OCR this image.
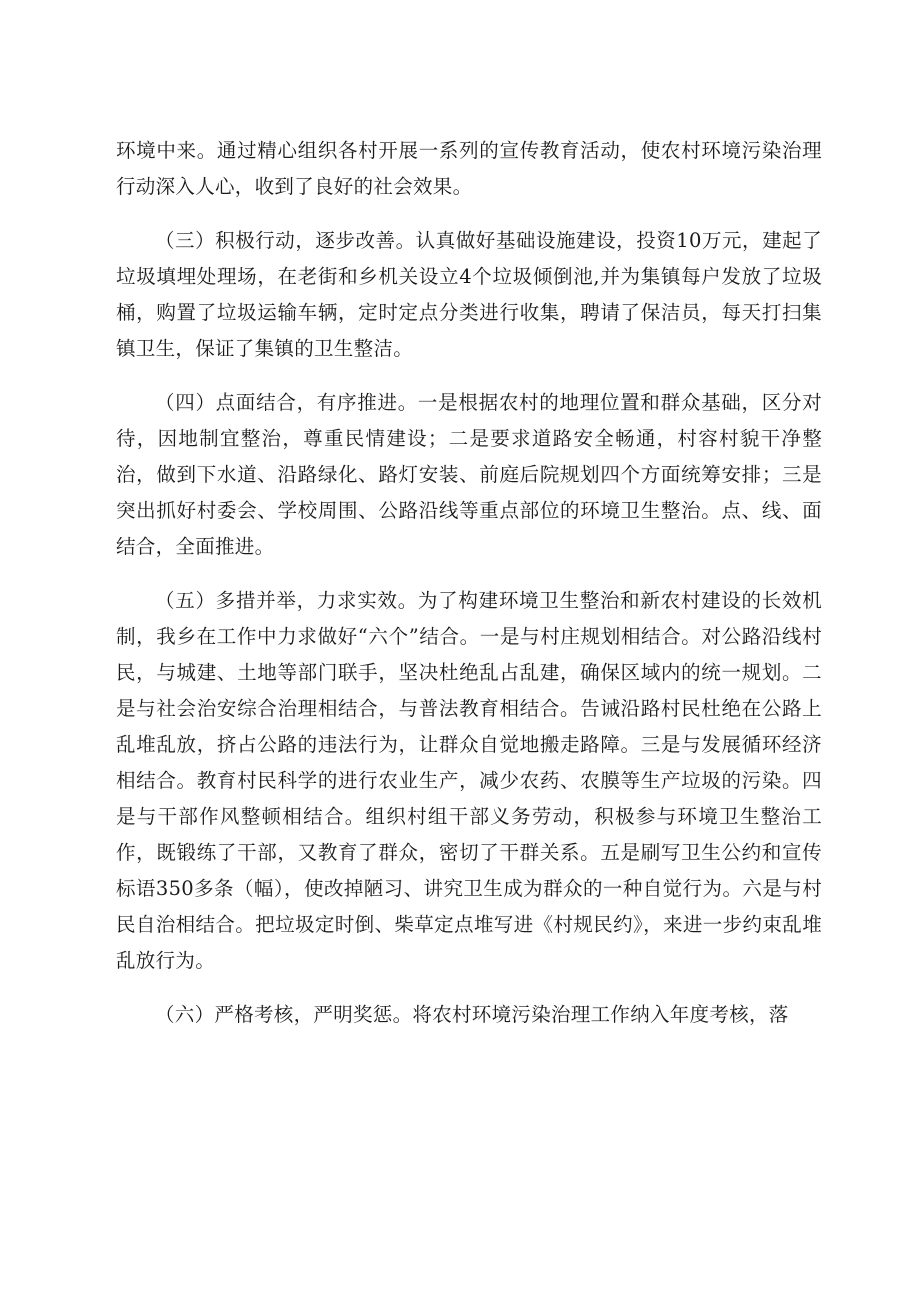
环境中来。通过精心组织各村开展一系列的宣传教育活动，使农村环境污染治理行动深入人心，收到了良好的社会效果。

（三）积极行动，逐步改善。认真做好基础设施建设，投资10万元，建起了垃圾填埋处理场，在老街和乡机关设立4个垃圾倾倒池,并为集镇每户发放了垃圾桶，购置了垃圾运输车辆，定时定点分类进行收集，聘请了保洁员，每天打扫集镇卫生，保证了集镇的卫生整洁。

（四）点面结合，有序推进。一是根据农村的地理位置和群众基础，区分对待，因地制宜整治，尊重民情建设；二是要求道路安全畅通，村容村貌干净整治，做到下水道、沿路绿化、路灯安装、前庭后院规划四个方面统筹安排；三是突出抓好村委会、学校周围、公路沿线等重点部位的环境卫生整治。点、线、面结合，全面推进。

（五）多措并举，力求实效。为了构建环境卫生整治和新农村建设的长效机制，我乡在工作中力求做好“六个”结合。一是与村庄规划相结合。对公路沿线村民，与城建、土地等部门联手，坚决杜绝乱占乱建，确保区域内的统一规划。二是与社会治安综合治理相结合，与普法教育相结合。告诫沿路村民杜绝在公路上乱堆乱放，挤占公路的违法行为，让群众自觉地搬走路障。三是与发展循环经济相结合。教育村民科学的进行农业生产，减少农药、农膜等生产垃圾的污染。四是与干部作风整顿相结合。组织村组干部义务劳动，积极参与环境卫生整治工作，既锻练了干部，又教育了群众，密切了干群关系。五是刷写卫生公约和宣传标语350多条（幅），使改掉陋习、讲究卫生成为群众的一种自觉行为。六是与村民自治相结合。把垃圾定时倒、柴草定点堆写进《村规民约》，来进一步约束乱堆乱放行为。

（六）严格考核，严明奖惩。将农村环境污染治理工作纳入年度考核，落
